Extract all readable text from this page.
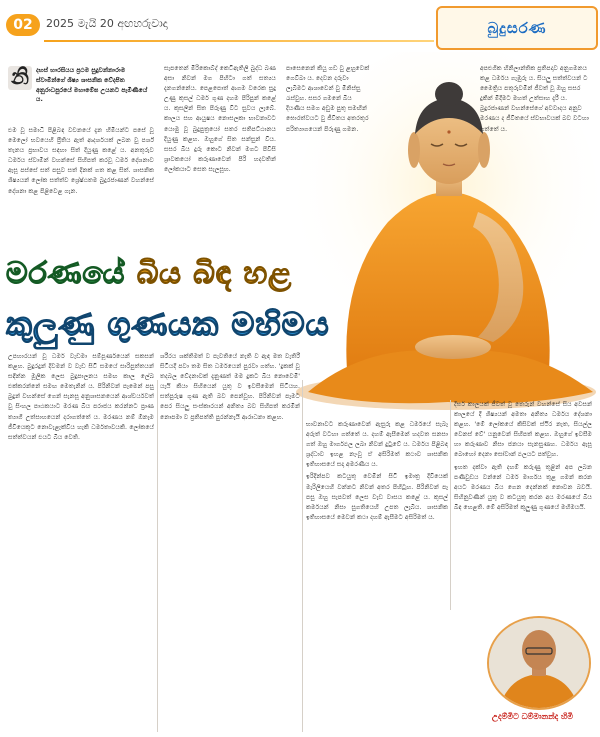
02	2025 මැයි 20 අඟහරුවාදා	බුදුසරණ
නි	දහස් හාරසියය ප්‍රථම සුදුවන්නාරාම ස්වාමීන්ගේ ශිෂ්‍ය ශාසනික වේදපිත අනුරාධපුරයේ මහාමේඝ උයනට පැමිණියේ ය.

එම වූ සමාධි පිළිබඳ වචනයේ දැන හිමියන්ට පසේ වූ මෙලෝ භවයෙහි ප්‍රීතිය ඇත් ආදර්ශයක් ලබන වු පර්ශ් තැනය ප්‍රභාවය සඳහා සිත් දියුණු කළේ ය. අනතුරුව ධර්මය ස්වාමීන් වහන්සේ සිහිපත් කරවූ ධර්ම දේශනාව ඇසූ පස්සේ සත් පසුව සත් දිනක් ගත කළ සිත්. ශාසනික ශිෂ්‍යයන් ලෝක සත්ත්ව ශ්‍රේෂ්ඨතම බුදුරජාණන් වහන්සේ දේශනා කළ පිළිවෙළ ගැන.

සැපතෙන් මිරිකොබ්ද් කෙටිඇතිලි බුද්ධ බණ අසා නිවන් මග පිහිටා ගත් සත්‍යය දැනගන්නේය. පෙළපොත් ආගම වරෙක සුදු උණු කුසල් ධර්ම ගුණ දහම පිරිපුන් කළේ ය. කුසලින් සිත පිරුණු විට සුවය ලැබේ. කාලය සහ ආයුෂය නොසලකා භාවනාවට යොමු වූ බුදුපුත්‍රයෝ සතර සතිපට්ඨානය දියුණු කළහ. ඔහුගේ සිත සන්සුන් විය. සසර බිය දුරු කොට නිවන් මගට පිවිසි ශ්‍රාවකයෝ කරුණාවෙන් පිරි හදවතින් ලෝකයාට සෙත සැලසූහ.

මරණයේ බිය බිඳ හළ
කුලුණු ගුණයක මහිමය

පාසෙනෙන් කියු ගඩ වු ළහුවෙක් ගෙවිබා ය. දෙවන දරුවා ලැබීමට ආශාවෙන් වු මිනිස්සු රැස්වුහ. සසර ගමනේ බිය දියණිය සමග අඩුම පුතු සමඟින් ඝොරත්වයට වු ජීවිතය අතරතුර පරිත්‍යාගයෙන් පිරුණු ගමන.

අපළුගික හිනිලාන්තික ප්‍රතිපදාව අනුගමනය කළ ධර්මය ගැඹුරු ය. සියලු සත්ත්වයන් ට මෛත්‍රිය පතුරුවමින් ජීවත් වූ ඔහු සසර දුකින් මිදීමට මහත් උත්සාහ දැරී ය. බුදුරජාණන් වහන්සේගේ අවවාදය අනුව මරණය ද ජීවිතයේ ස්වභාවයක් බව වටහා ගත්තේ ය.

උපහාරයන් වූ ධර්ම වැඩමා සම්පූර්ණයෙන් සකසන් කළහ. බුදුරදුන් දිවමන් ව වැඩ සිටි සමයේ සාරිපුත්තයන් සඳින්න මූලික ලෙස බුදුපාලනය සමඟ කාල ලේඛ එක්කරන්නේ සමඟ මෙතැනින් ය. පිරිනිවන් පෑමෙන් පසු බුදුන් වහන්සේ ගෙන් සැනසූ අනුශාසනයෙන් ආශ්චර්යවත් වු සිංහල පාඨකයාට මරණ බිය පරාජය කරන්නට ප්‍රාණ ත්‍යාගී උත්සාහයෙන් දරාගත්තේ ය. මරණය නම් ඕනෑම ජීවියෙකුට නොවැළැක්විය හැකි ධර්මතාවයකි. ලෝකයේ සත්ත්වයන් එයට බිය වෙති.

ශරීරය ශක්තිමත් ව පැවතියේ නැති ව ඇඳ මත වැතිරී සිටියදී පවා තම සිත ධර්මයෙන් පුරවා ගත්හ. 'දුකක් වූ තදබල වේදනාවක් දැනුණත් මම දුකට බිය නොවෙමි' යැයි කියා සිහියෙන් යුතු ව ඉවසීමෙන් සිටියහ. සත්පුරුෂ ගුණ ඇති බව පෙන්වූහ. පිරිනිවන් පෑමට පෙර සියලු සංස්කාරයන් අනිත්‍ය බව සිහිපත් කරමින් නොපමා ව ප්‍රතිපත්ති පුරන්නැයි ආරාධනා කළහ.

භාවනාවට කරුණාවෙන් ඇසුරු කළ ධර්මයේ සැබෑ අරුත් වටහා ගත්තේ ය. දහම් ඇසීමෙන් හදවත සනසා ගත් ඔහු මාර්ගඵල ලබා නිවන් දුටුවේ ය. ධර්මය පිළිබඳ ශ්‍රද්ධාව ඉහළ නැංවූ ඒ අසිරිමත් කථාව ශාසනික ඉතිහාසයේ සදා අමරණීය ය.

ඉරිදින්පව කටයුතු වෙමින් සිටි ඉමාත්‍ර දිවියෙක් මැරිලියෙහි වන්නට නිවන් අතර පිහිටූහ. පිරිනිවන් පෑ පසු ඔහු සැපවත් ලෙස වැඩ වාසය කළේ ය. කුසල් කර්මයන් නිසා සුගතියෙහි උපත ලැබීය. ශාසනික ඉතිහාසයේ මෙවන් කථා දහම් ඇසීමට අසිරිමත් ය.

දීර්ඝ කාලයක් ජීවත් වූ තෙරුන් වහන්සේ සිය අවසන් කාලයේ දී ශිෂ්‍යයන් අමතා අනිත්‍ය ධර්මය දේශනා කළහ. 'මේ ලෝකයේ කිසිවක් ස්ථිර නැත, සියල්ල වෙනස් වේ' යනුවෙන් සිහිපත් කළහ. ඔහුගේ ඉවසීම හා කරුණාව නිසා ජනයා සැනසුණහ. ධර්මය ඇසූ බොහෝ දෙනා සෝවාන් ඵලයට පත්වූහ.

ඉහත දක්වා ඇති දහම් කරුණු තුළින් අප ලබන පණිවුඩය වන්නේ ධර්ම මාර්ගය තුළ ගමන් කරන අයට මරණය බිය ගෙන දෙන්නක් නොවන බවයි. සිහිනුවණින් යුතු ව කටයුතු කරන අය මරණයේ බිය බිඳ හෙළති. මේ අසිරිමත් කුලුණු ගුණයේ මහිමයයි.

උදම්මිට ධම්මානන්ද හිමි
